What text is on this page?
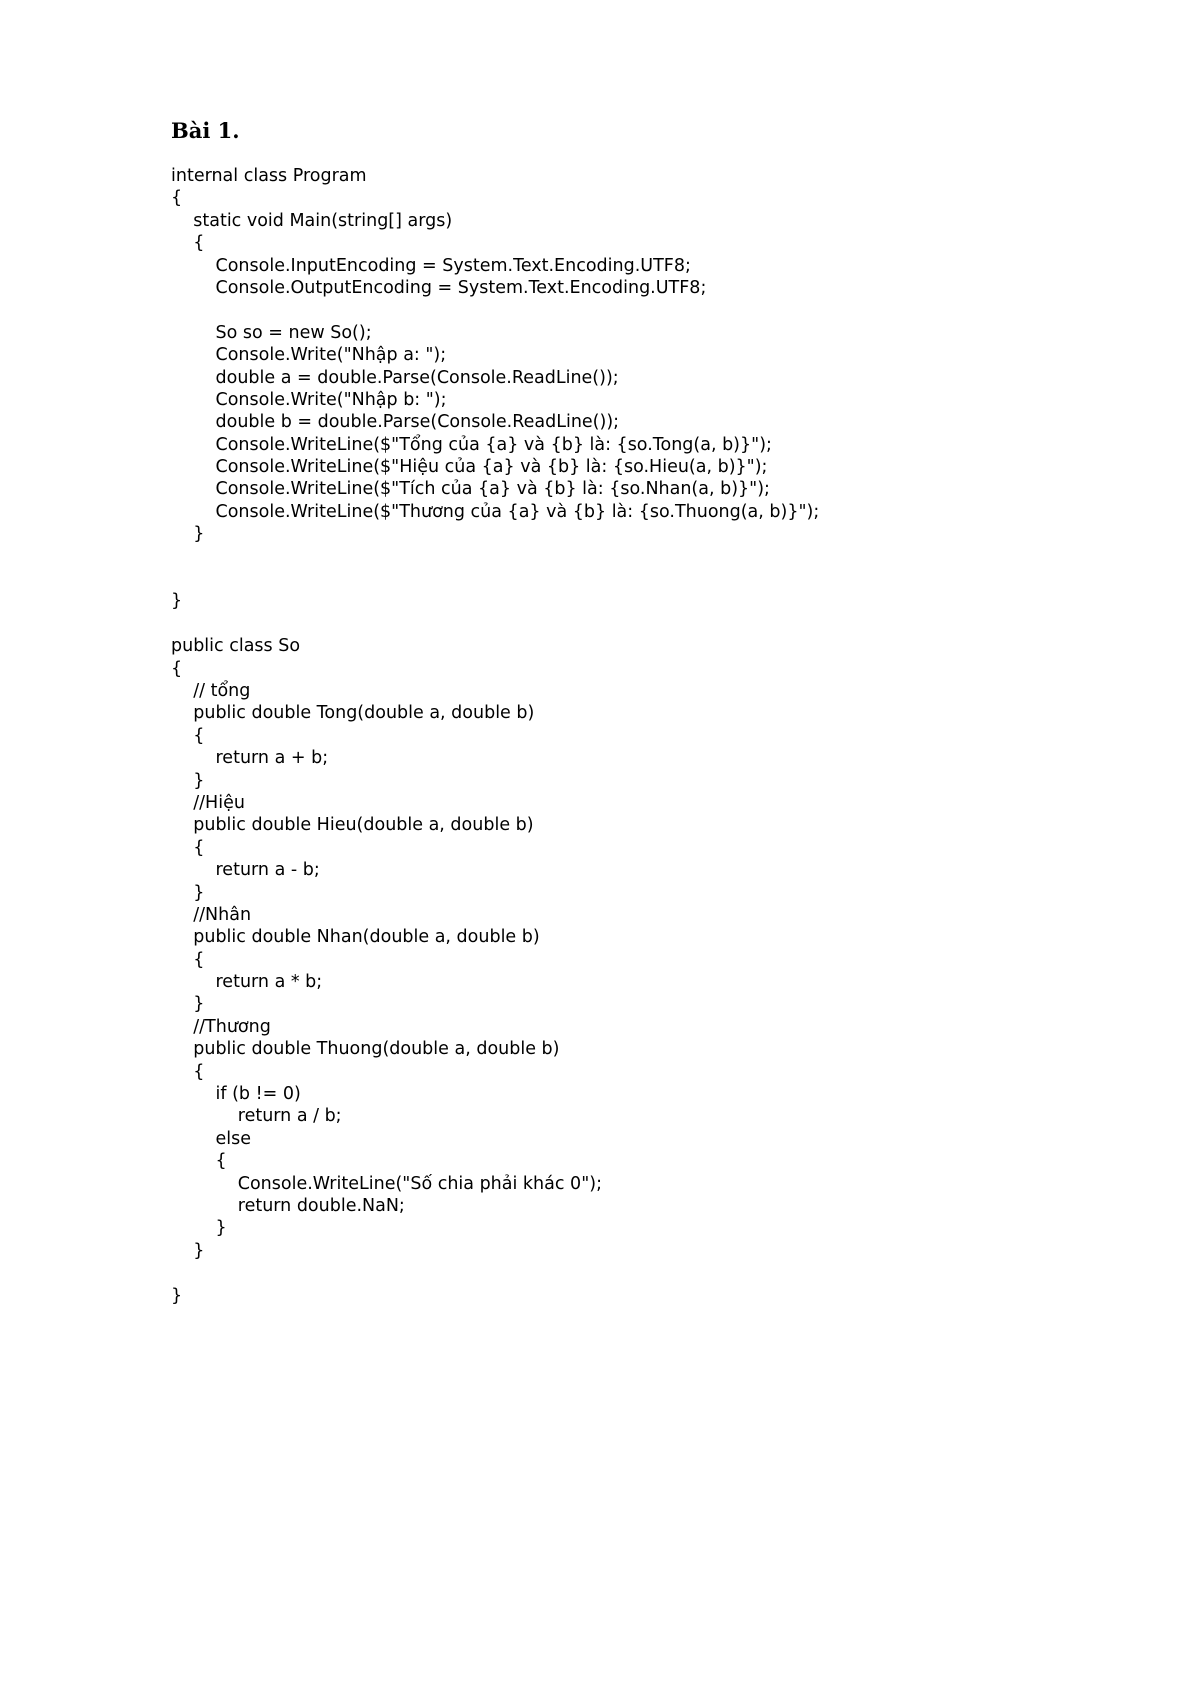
Bài 1.
internal class Program
{
static void Main(string[] args)
{
Console.InputEncoding = System.Text.Encoding.UTF8;
Console.OutputEncoding = System.Text.Encoding.UTF8;
So so = new So();
Console.Write("Nhập a: ");
double a = double.Parse(Console.ReadLine());
Console.Write("Nhập b: ");
double b = double.Parse(Console.ReadLine());
Console.WriteLine($"Tổng của {a} và {b} là: {so.Tong(a, b)}");
Console.WriteLine($"Hiệu của {a} và {b} là: {so.Hieu(a, b)}");
Console.WriteLine($"Tích của {a} và {b} là: {so.Nhan(a, b)}");
Console.WriteLine($"Thương của {a} và {b} là: {so.Thuong(a, b)}");
}
}
public class So
{
// tổng
public double Tong(double a, double b)
{
return a + b;
}
//Hiệu
public double Hieu(double a, double b)
{
return a - b;
}
//Nhân
public double Nhan(double a, double b)
{
return a * b;
}
//Thương
public double Thuong(double a, double b)
{
if (b != 0)
return a / b;
else
{
Console.WriteLine("Số chia phải khác 0");
return double.NaN;
}
}
}
